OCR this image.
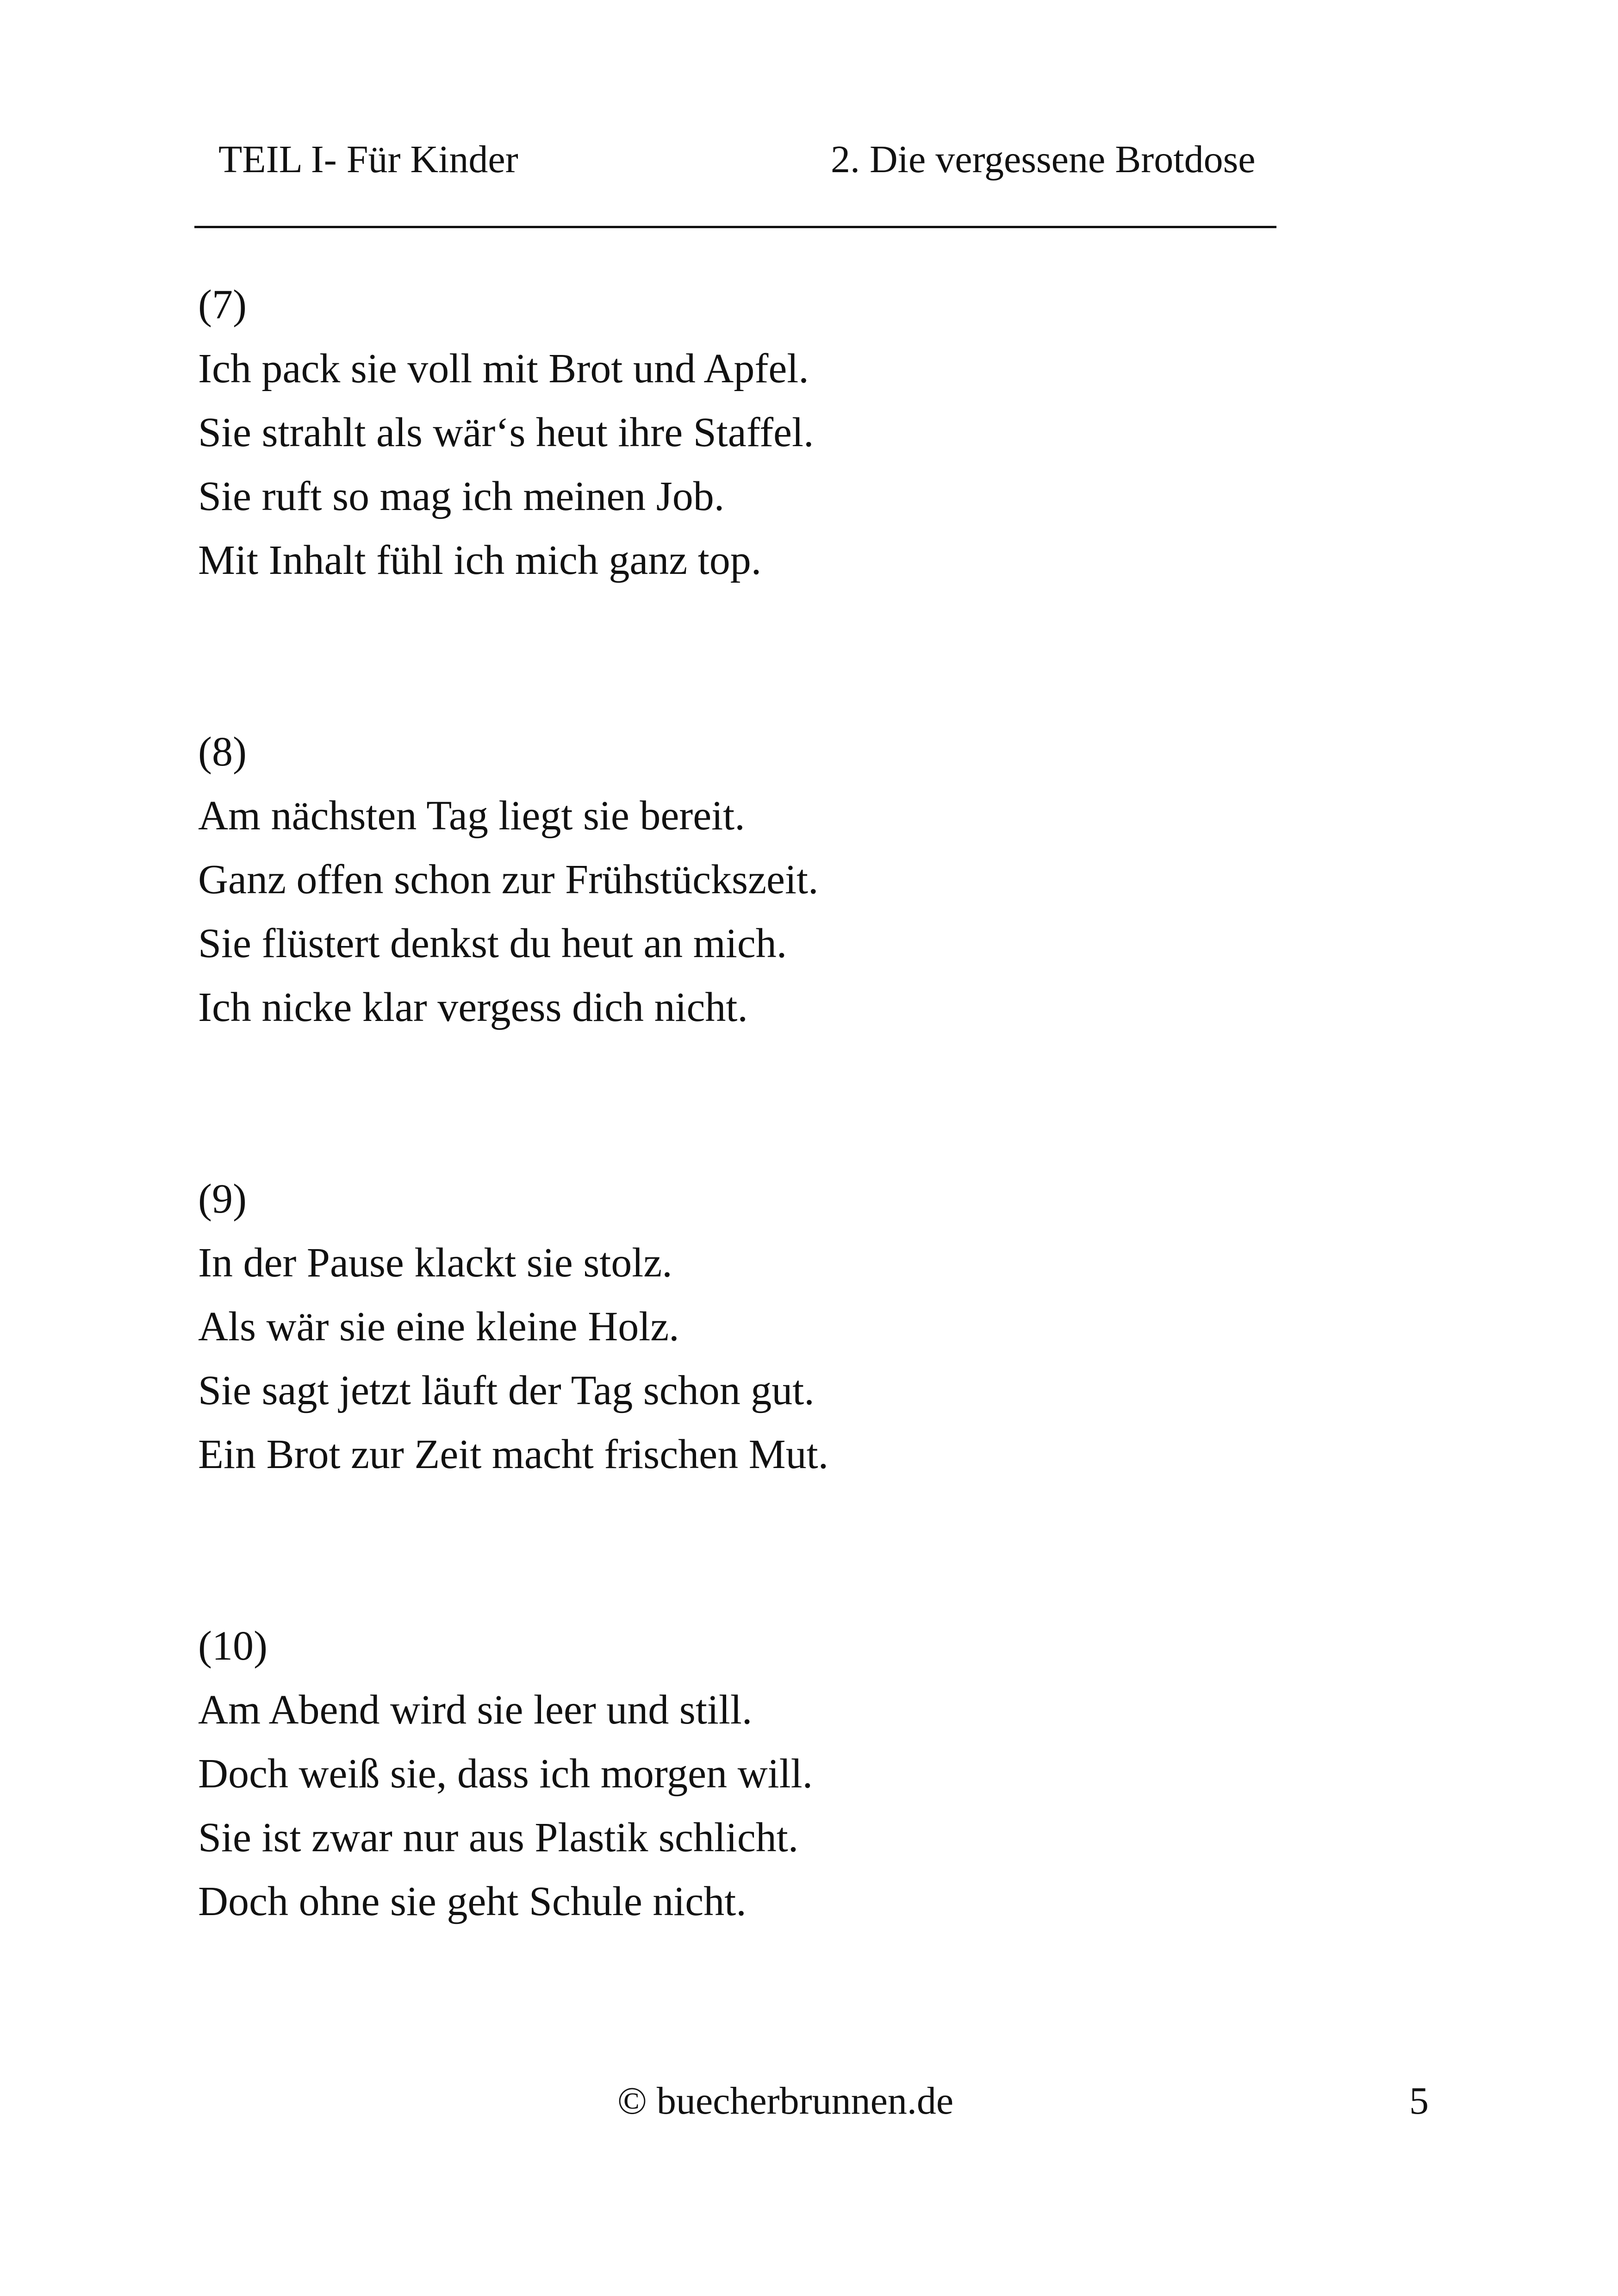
TEIL I- Für Kinder	2. Die vergessene Brotdose
(7)
Ich pack sie voll mit Brot und Apfel.
Sie strahlt als wär‘s heut ihre Staffel.
Sie ruft so mag ich meinen Job.
Mit Inhalt fühl ich mich ganz top.
(8)
Am nächsten Tag liegt sie bereit.
Ganz offen schon zur Frühstückszeit.
Sie flüstert denkst du heut an mich.
Ich nicke klar vergess dich nicht.
(9)
In der Pause klackt sie stolz.
Als wär sie eine kleine Holz.
Sie sagt jetzt läuft der Tag schon gut.
Ein Brot zur Zeit macht frischen Mut.
(10)
Am Abend wird sie leer und still.
Doch weiß sie, dass ich morgen will.
Sie ist zwar nur aus Plastik schlicht.
Doch ohne sie geht Schule nicht.
© buecherbrunnen.de	5
